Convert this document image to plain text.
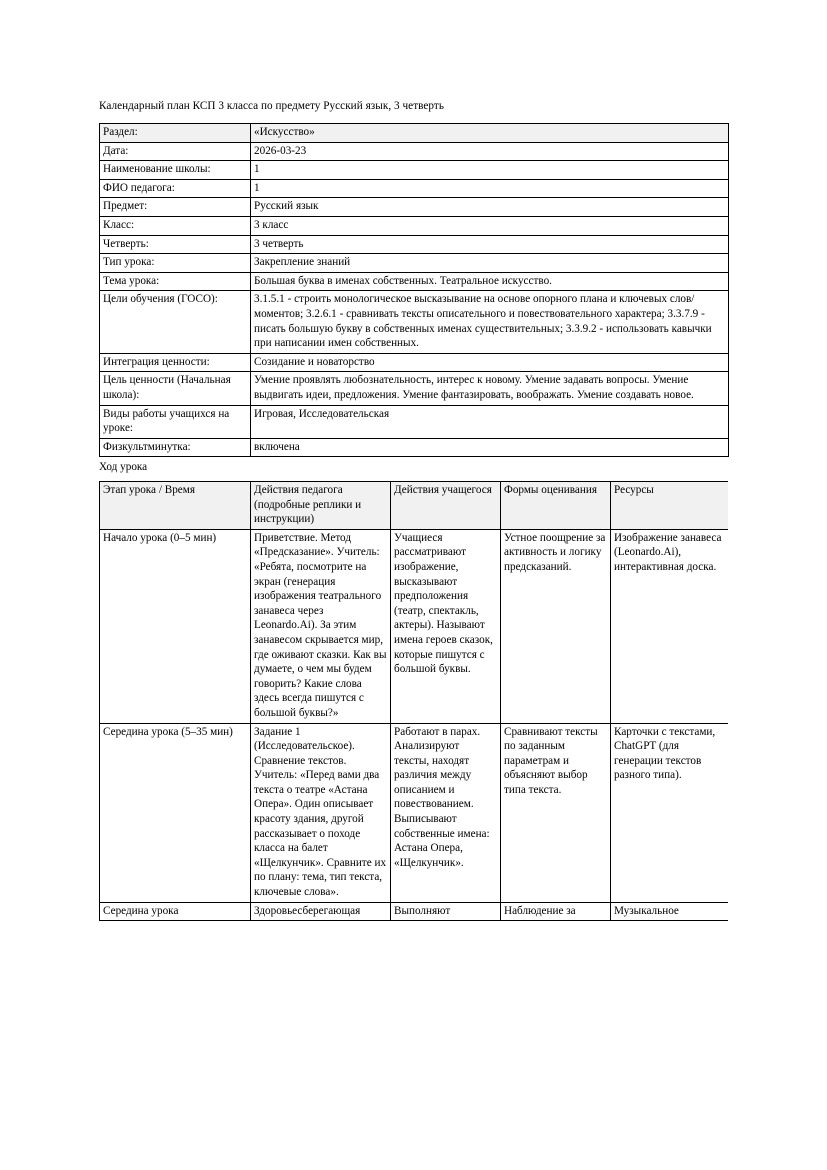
Календарный план КСП 3 класса по предмету Русский язык, 3 четверть

Раздел:	«Искусство»
Дата:	2026-03-23
Наименование школы:	1
ФИО педагога:	1
Предмет:	Русский язык
Класс:	3 класс
Четверть:	3 четверть
Тип урока:	Закрепление знаний
Тема урока:	Большая буква в именах собственных. Театральное искусство.
Цели обучения (ГОСО):	3.1.5.1 - строить монологическое высказывание на основе опорного плана и ключевых слов/моментов; 3.2.6.1 - сравнивать тексты описательного и повествовательного характера; 3.3.7.9 - писать большую букву в собственных именах существительных; 3.3.9.2 - использовать кавычки при написании имен собственных.
Интеграция ценности:	Созидание и новаторство
Цель ценности (Начальная школа):	Умение проявлять любознательность, интерес к новому. Умение задавать вопросы. Умение выдвигать идеи, предложения. Умение фантазировать, воображать. Умение создавать новое.
Виды работы учащихся на уроке:	Игровая, Исследовательская
Физкультминутка:	включена

Ход урока

Этап урока / Время	Действия педагога (подробные реплики и инструкции)	Действия учащегося	Формы оценивания	Ресурсы
Начало урока (0–5 мин)	Приветствие. Метод «Предсказание». Учитель: «Ребята, посмотрите на экран (генерация изображения театрального занавеса через Leonardo.Ai). За этим занавесом скрывается мир, где оживают сказки. Как вы думаете, о чем мы будем говорить? Какие слова здесь всегда пишутся с большой буквы?»	Учащиеся рассматривают изображение, высказывают предположения (театр, спектакль, актеры). Называют имена героев сказок, которые пишутся с большой буквы.	Устное поощрение за активность и логику предсказаний.	Изображение занавеса (Leonardo.Ai), интерактивная доска.
Середина урока (5–35 мин)	Задание 1 (Исследовательское). Сравнение текстов. Учитель: «Перед вами два текста о театре «Астана Опера». Один описывает красоту здания, другой рассказывает о походе класса на балет «Щелкунчик». Сравните их по плану: тема, тип текста, ключевые слова».	Работают в парах. Анализируют тексты, находят различия между описанием и повествованием. Выписывают собственные имена: Астана Опера, «Щелкунчик».	Сравнивают тексты по заданным параметрам и объясняют выбор типа текста.	Карточки с текстами, ChatGPT (для генерации текстов разного типа).
Середина урока	Здоровьесберегающая	Выполняют	Наблюдение за	Музыкальное
